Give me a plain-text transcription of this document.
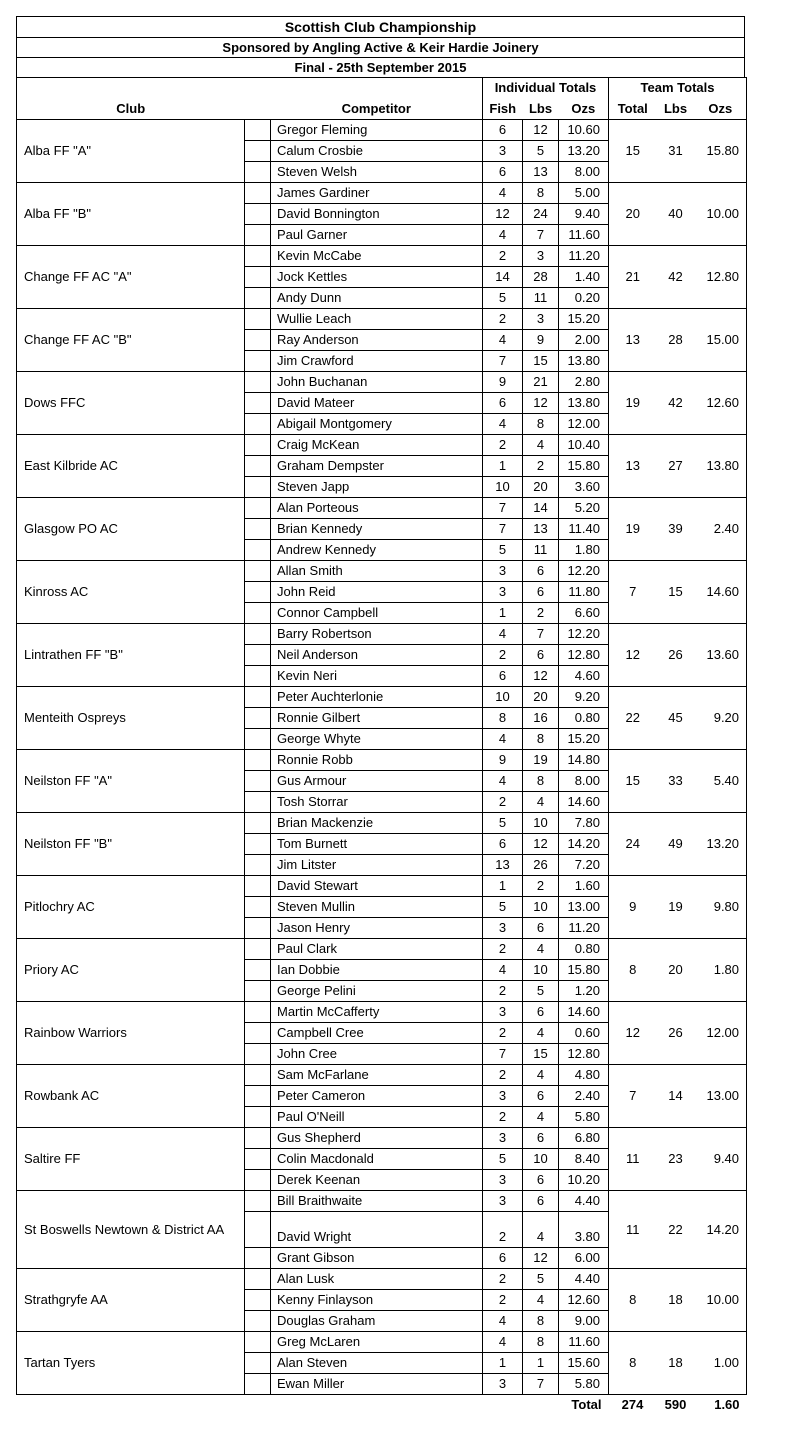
Scottish Club Championship
Sponsored by Angling Active & Keir Hardie Joinery
Final - 25th September 2015
			Individual Totals			Team Totals		
Club		Competitor	Fish	Lbs	Ozs	Total	Lbs	Ozs
Alba FF "A"		Gregor Fleming	6	12	10.60	15	31	15.80
		Calum Crosbie	3	5	13.20			
		Steven Welsh	6	13	8.00			
Alba FF "B"		James Gardiner	4	8	5.00	20	40	10.00
		David Bonnington	12	24	9.40			
		Paul Garner	4	7	11.60			
Change FF AC "A"		Kevin McCabe	2	3	11.20	21	42	12.80
		Jock Kettles	14	28	1.40			
		Andy Dunn	5	11	0.20			
Change FF AC "B"		Wullie Leach	2	3	15.20	13	28	15.00
		Ray Anderson	4	9	2.00			
		Jim Crawford	7	15	13.80			
Dows FFC		John Buchanan	9	21	2.80	19	42	12.60
		David Mateer	6	12	13.80			
		Abigail Montgomery	4	8	12.00			
East Kilbride AC		Craig McKean	2	4	10.40	13	27	13.80
		Graham Dempster	1	2	15.80			
		Steven Japp	10	20	3.60			
Glasgow PO AC		Alan Porteous	7	14	5.20	19	39	2.40
		Brian Kennedy	7	13	11.40			
		Andrew Kennedy	5	11	1.80			
Kinross AC		Allan Smith	3	6	12.20	7	15	14.60
		John Reid	3	6	11.80			
		Connor Campbell	1	2	6.60			
Lintrathen FF "B"		Barry Robertson	4	7	12.20	12	26	13.60
		Neil Anderson	2	6	12.80			
		Kevin Neri	6	12	4.60			
Menteith Ospreys		Peter Auchterlonie	10	20	9.20	22	45	9.20
		Ronnie Gilbert	8	16	0.80			
		George Whyte	4	8	15.20			
Neilston FF "A"		Ronnie Robb	9	19	14.80	15	33	5.40
		Gus Armour	4	8	8.00			
		Tosh Storrar	2	4	14.60			
Neilston FF "B"		Brian Mackenzie	5	10	7.80	24	49	13.20
		Tom Burnett	6	12	14.20			
		Jim Litster	13	26	7.20			
Pitlochry AC		David Stewart	1	2	1.60	9	19	9.80
		Steven Mullin	5	10	13.00			
		Jason Henry	3	6	11.20			
Priory AC		Paul Clark	2	4	0.80	8	20	1.80
		Ian Dobbie	4	10	15.80			
		George Pelini	2	5	1.20			
Rainbow Warriors		Martin McCafferty	3	6	14.60	12	26	12.00
		Campbell Cree	2	4	0.60			
		John Cree	7	15	12.80			
Rowbank AC		Sam McFarlane	2	4	4.80	7	14	13.00
		Peter Cameron	3	6	2.40			
		Paul O'Neill	2	4	5.80			
Saltire FF		Gus Shepherd	3	6	6.80	11	23	9.40
		Colin Macdonald	5	10	8.40			
		Derek Keenan	3	6	10.20			
St Boswells Newtown & District AA		Bill Braithwaite	3	6	4.40	11	22	14.20
		David Wright	2	4	3.80			
		Grant Gibson	6	12	6.00			
Strathgryfe AA		Alan Lusk	2	5	4.40	8	18	10.00
		Kenny Finlayson	2	4	12.60			
		Douglas Graham	4	8	9.00			
Tartan Tyers		Greg McLaren	4	8	11.60	8	18	1.00
		Alan Steven	1	1	15.60			
		Ewan Miller	3	7	5.80			
					Total	274	590	1.60
